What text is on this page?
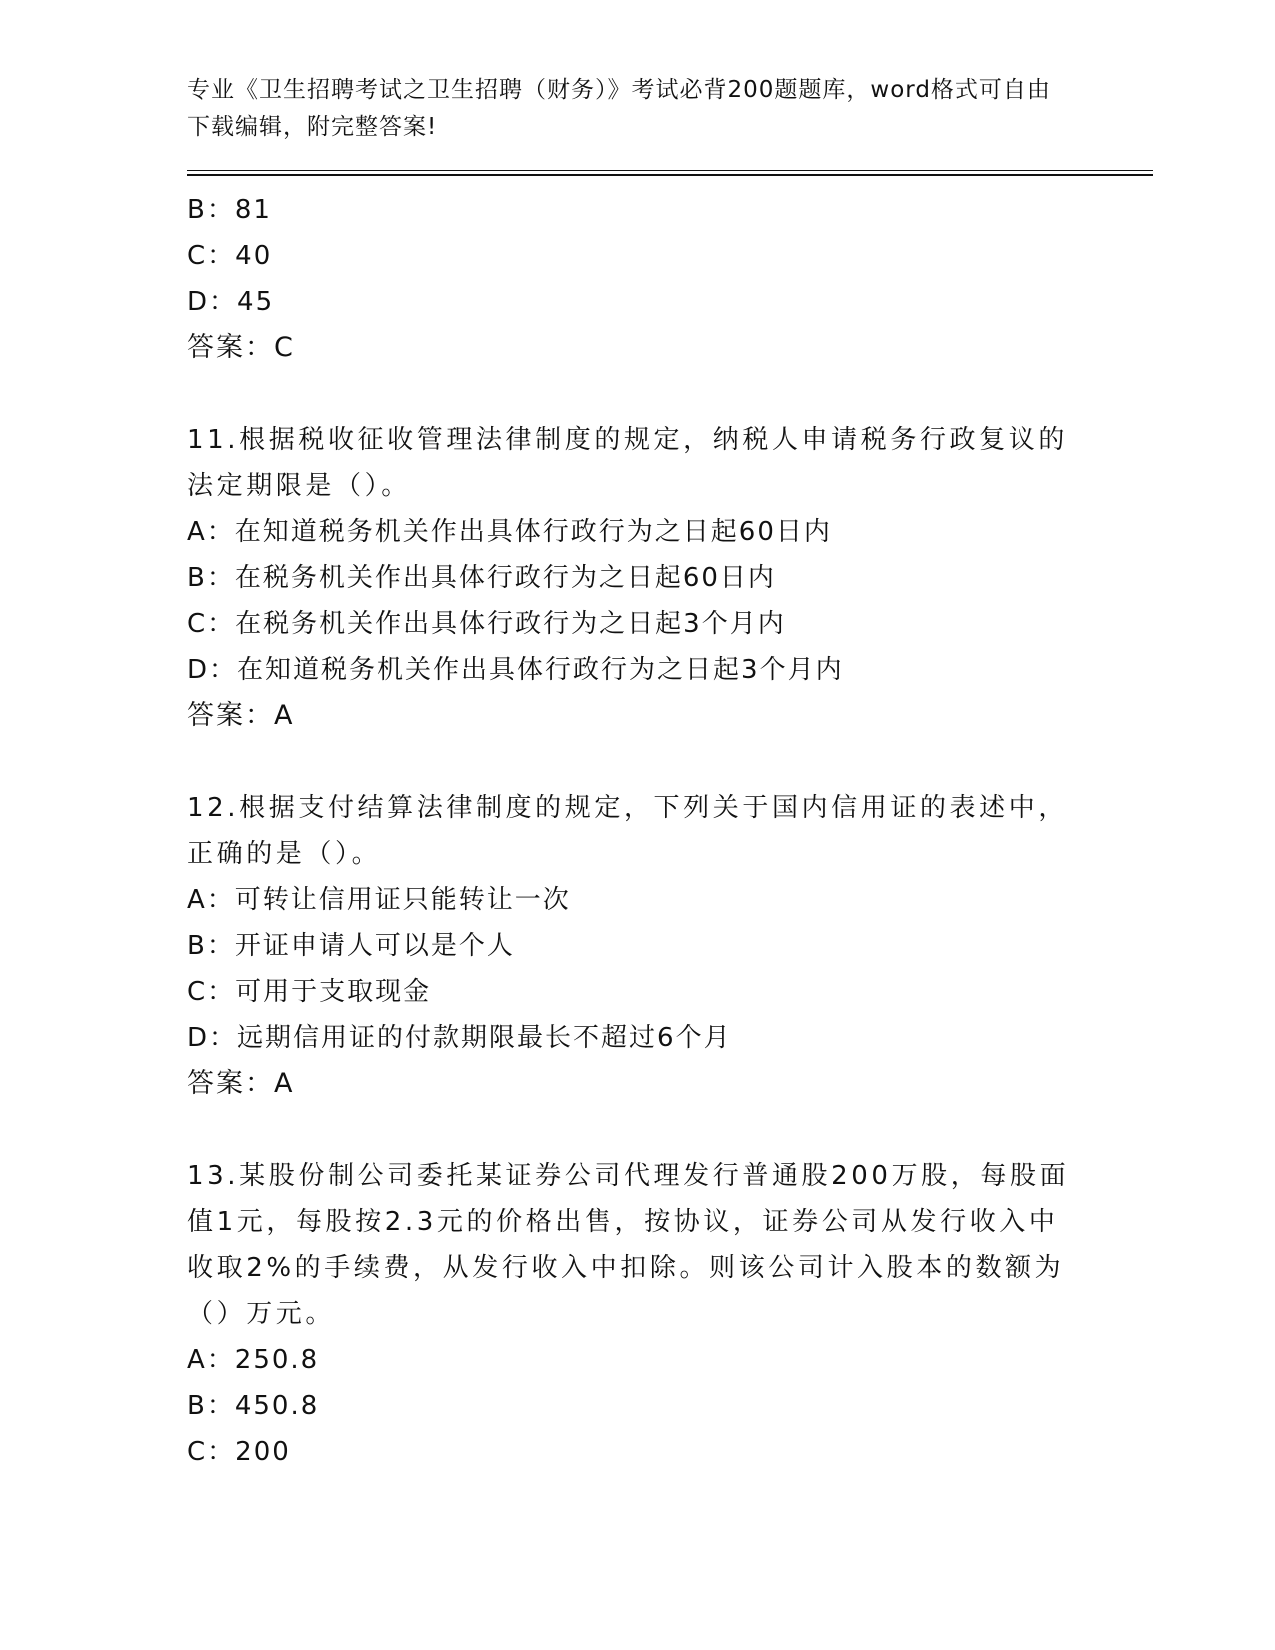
专业《卫生招聘考试之卫生招聘（财务）》考试必背200题题库，word格式可自由下载编辑，附完整答案!
B：81
C：40
D：45
答案：C
11.根据税收征收管理法律制度的规定，纳税人申请税务行政复议的法定期限是（）。
A：在知道税务机关作出具体行政行为之日起60日内
B：在税务机关作出具体行政行为之日起60日内
C：在税务机关作出具体行政行为之日起3个月内
D：在知道税务机关作出具体行政行为之日起3个月内
答案：A
12.根据支付结算法律制度的规定，下列关于国内信用证的表述中，正确的是（）。
A：可转让信用证只能转让一次
B：开证申请人可以是个人
C：可用于支取现金
D：远期信用证的付款期限最长不超过6个月
答案：A
13.某股份制公司委托某证券公司代理发行普通股200万股，每股面值1元，每股按2.3元的价格出售，按协议，证券公司从发行收入中收取2%的手续费，从发行收入中扣除。则该公司计入股本的数额为（）万元。
A：250.8
B：450.8
C：200
